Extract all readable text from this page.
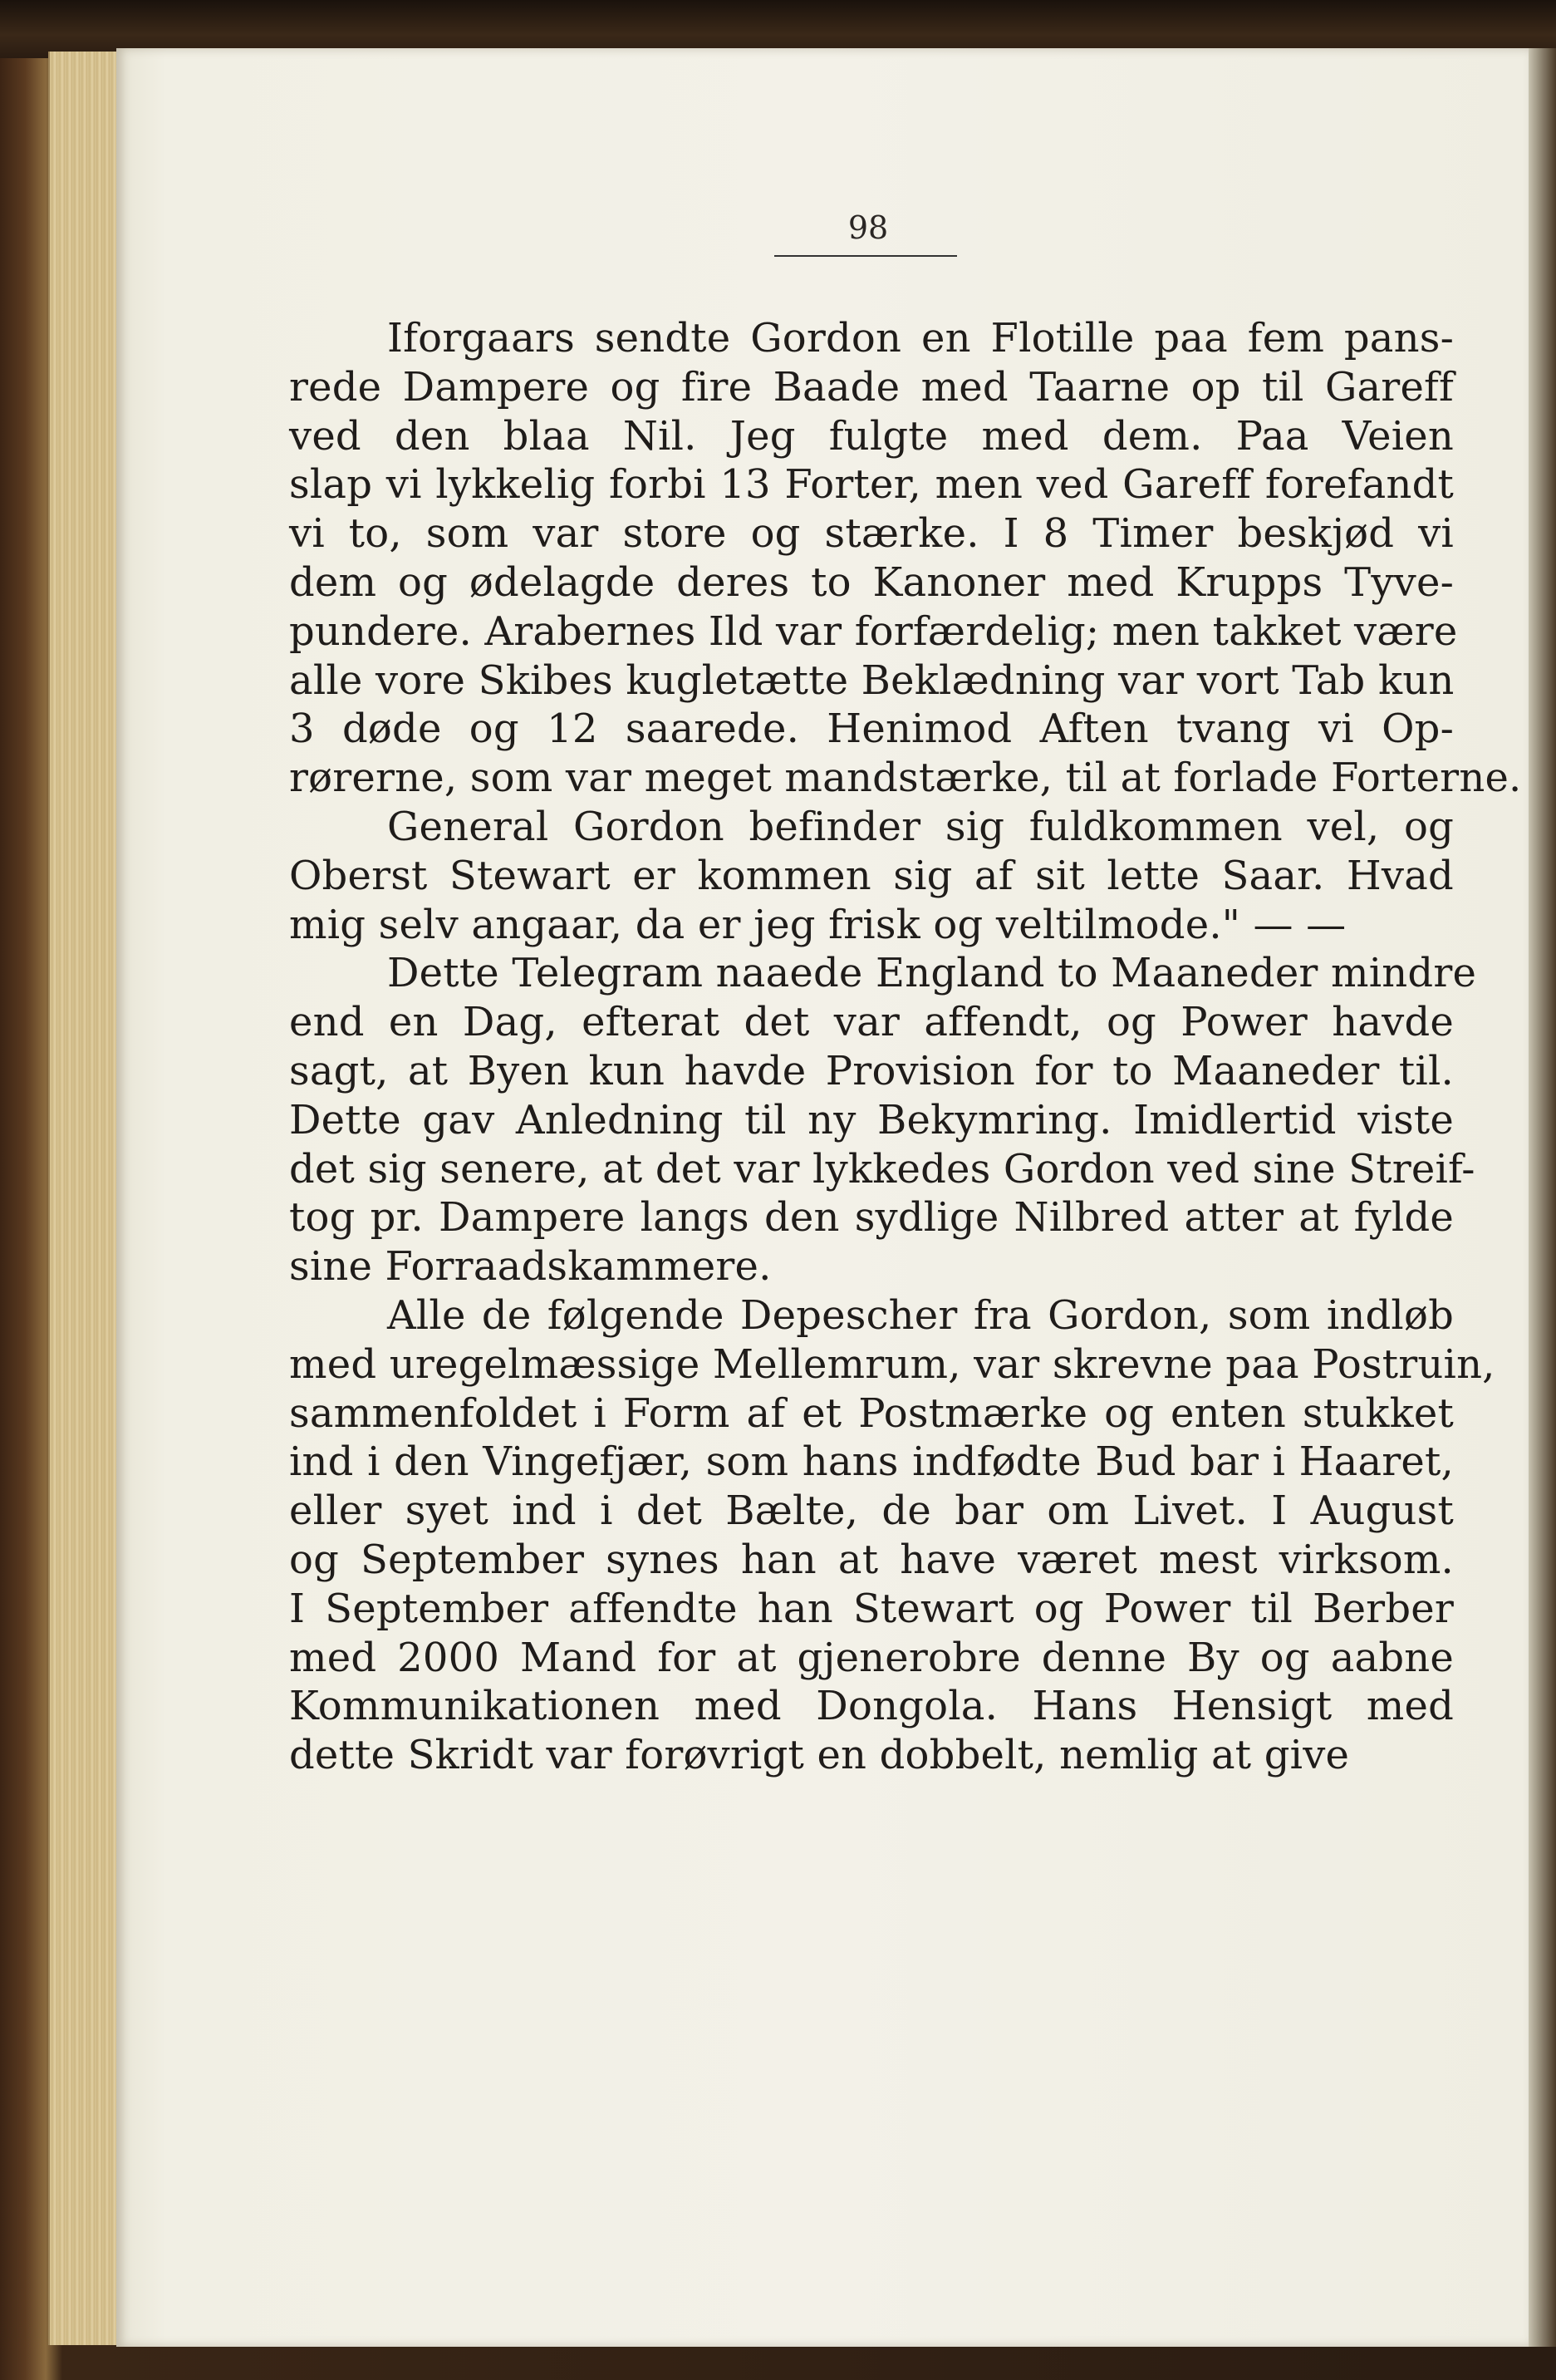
98
Iforgaars sendte Gordon en Flotille paa fem pans-
rede Dampere og fire Baade med Taarne op til Gareff
ved den blaa Nil. Jeg fulgte med dem. Paa Veien
slap vi lykkelig forbi 13 Forter, men ved Gareff forefandt
vi to, som var store og stærke. I 8 Timer beskjød vi
dem og ødelagde deres to Kanoner med Krupps Tyve-
pundere. Arabernes Ild var forfærdelig; men takket være
alle vore Skibes kugletætte Beklædning var vort Tab kun
3 døde og 12 saarede. Henimod Aften tvang vi Op-
rørerne, som var meget mandstærke, til at forlade Forterne.
General Gordon befinder sig fuldkommen vel, og
Oberst Stewart er kommen sig af sit lette Saar. Hvad
mig selv angaar, da er jeg frisk og veltilmode." — —
Dette Telegram naaede England to Maaneder mindre
end en Dag, efterat det var affendt, og Power havde
sagt, at Byen kun havde Provision for to Maaneder til.
Dette gav Anledning til ny Bekymring. Imidlertid viste
det sig senere, at det var lykkedes Gordon ved sine Streif-
tog pr. Dampere langs den sydlige Nilbred atter at fylde
sine Forraadskammere.
Alle de følgende Depescher fra Gordon, som indløb
med uregelmæssige Mellemrum, var skrevne paa Postruin,
sammenfoldet i Form af et Postmærke og enten stukket
ind i den Vingefjær, som hans indfødte Bud bar i Haaret,
eller syet ind i det Bælte, de bar om Livet. I August
og September synes han at have været mest virksom.
I September affendte han Stewart og Power til Berber
med 2000 Mand for at gjenerobre denne By og aabne
Kommunikationen med Dongola. Hans Hensigt med
dette Skridt var forøvrigt en dobbelt, nemlig at give
